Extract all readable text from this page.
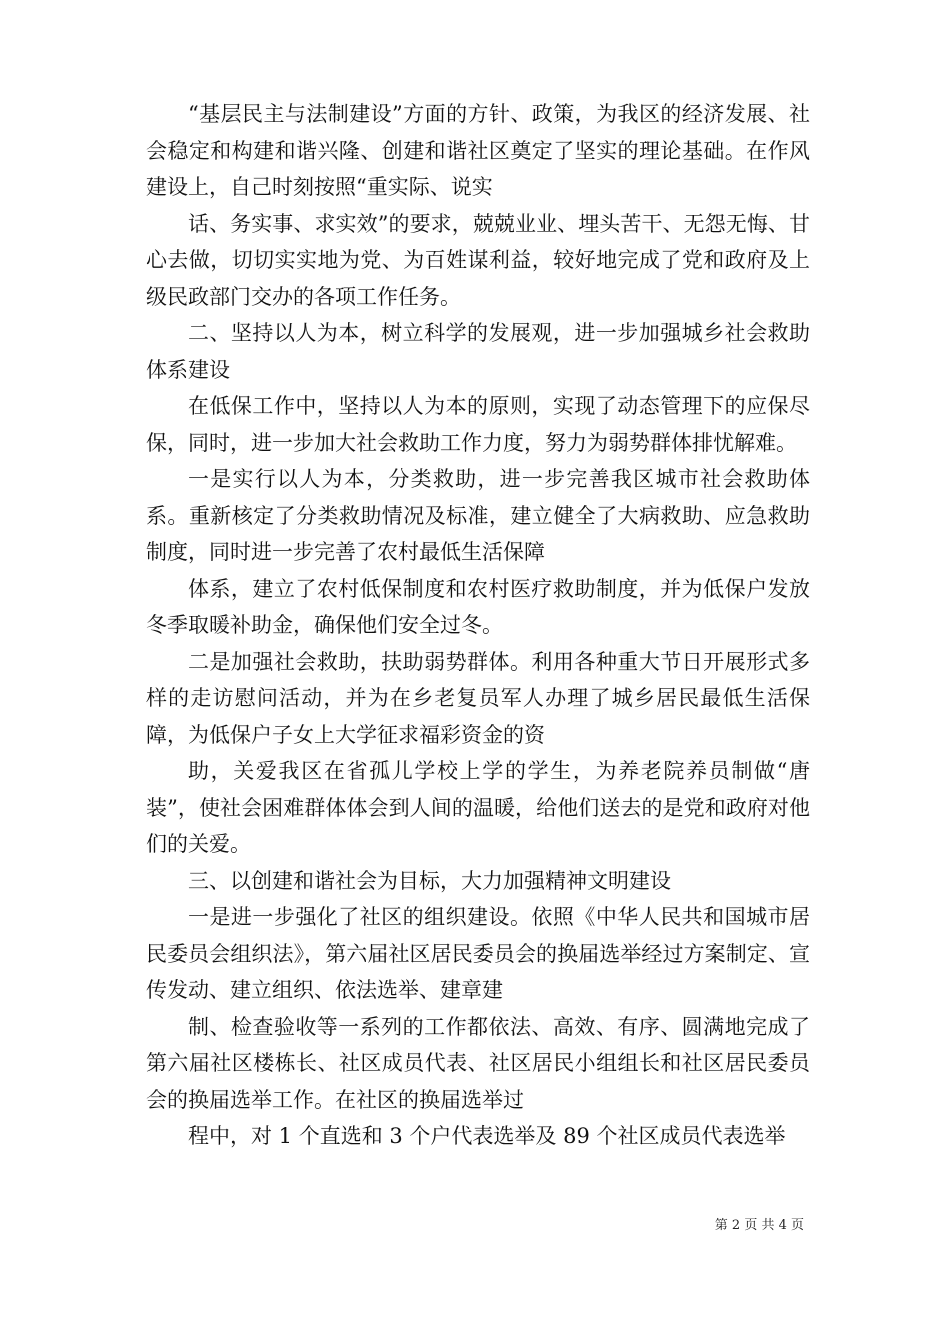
“基层民主与法制建设”方面的方针、政策，为我区的经济发展、社会稳定和构建和谐兴隆、创建和谐社区奠定了坚实的理论基础。在作风建设上，自己时刻按照“重实际、说实

话、务实事、求实效”的要求，兢兢业业、埋头苦干、无怨无悔、甘心去做，切切实实地为党、为百姓谋利益，较好地完成了党和政府及上级民政部门交办的各项工作任务。

二、坚持以人为本，树立科学的发展观，进一步加强城乡社会救助体系建设

在低保工作中，坚持以人为本的原则，实现了动态管理下的应保尽保，同时，进一步加大社会救助工作力度，努力为弱势群体排忧解难。

一是实行以人为本，分类救助，进一步完善我区城市社会救助体系。重新核定了分类救助情况及标准，建立健全了大病救助、应急救助制度，同时进一步完善了农村最低生活保障

体系，建立了农村低保制度和农村医疗救助制度，并为低保户发放冬季取暖补助金，确保他们安全过冬。

二是加强社会救助，扶助弱势群体。利用各种重大节日开展形式多样的走访慰问活动，并为在乡老复员军人办理了城乡居民最低生活保障，为低保户子女上大学征求福彩资金的资

助，关爱我区在省孤儿学校上学的学生，为养老院养员制做“唐装”，使社会困难群体体会到人间的温暖，给他们送去的是党和政府对他们的关爱。

三、以创建和谐社会为目标，大力加强精神文明建设

一是进一步强化了社区的组织建设。依照《中华人民共和国城市居民委员会组织法》，第六届社区居民委员会的换届选举经过方案制定、宣传发动、建立组织、依法选举、建章建

制、检查验收等一系列的工作都依法、高效、有序、圆满地完成了第六届社区楼栋长、社区成员代表、社区居民小组组长和社区居民委员会的换届选举工作。在社区的换届选举过

程中，对 1 个直选和 3 个户代表选举及 89 个社区成员代表选举

第 2 页 共 4 页
